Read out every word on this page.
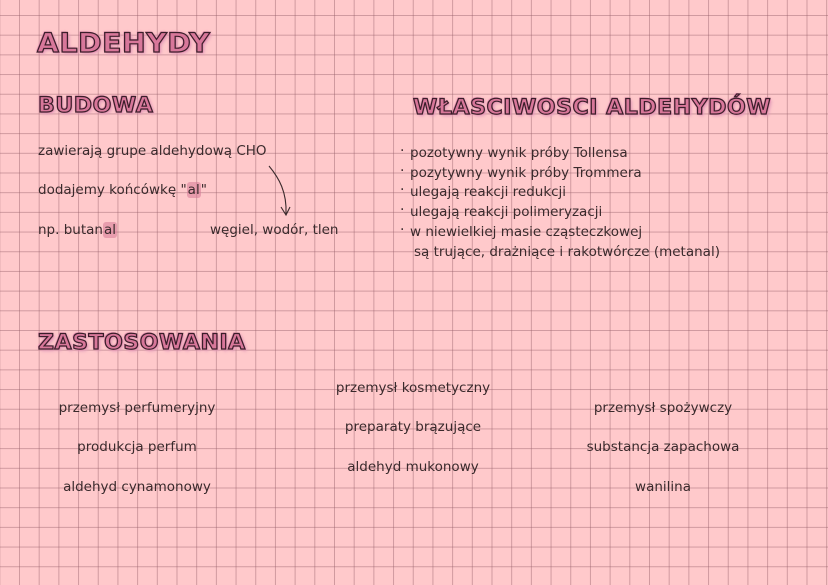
ALDEHYDY
BUDOWA
zawierają grupe aldehydową CHO
dodajemy końcówkę "al"
np. butanal	węgiel, wodór, tlen
WŁASCIWOSCI ALDEHYDÓW
· pozotywny wynik próby Tollensa
· pozytywny wynik próby Trommera
· ulegają reakcji redukcji
· ulegają reakcji polimeryzacji
· w niewielkiej masie cząsteczkowej
są trujące, drażniące i rakotwórcze (metanal)
ZASTOSOWANIA
przemysł perfumeryjny
produkcja perfum
aldehyd cynamonowy
przemysł kosmetyczny
preparaty brązujące
aldehyd mukonowy
przemysł spożywczy
substancja zapachowa
wanilina
